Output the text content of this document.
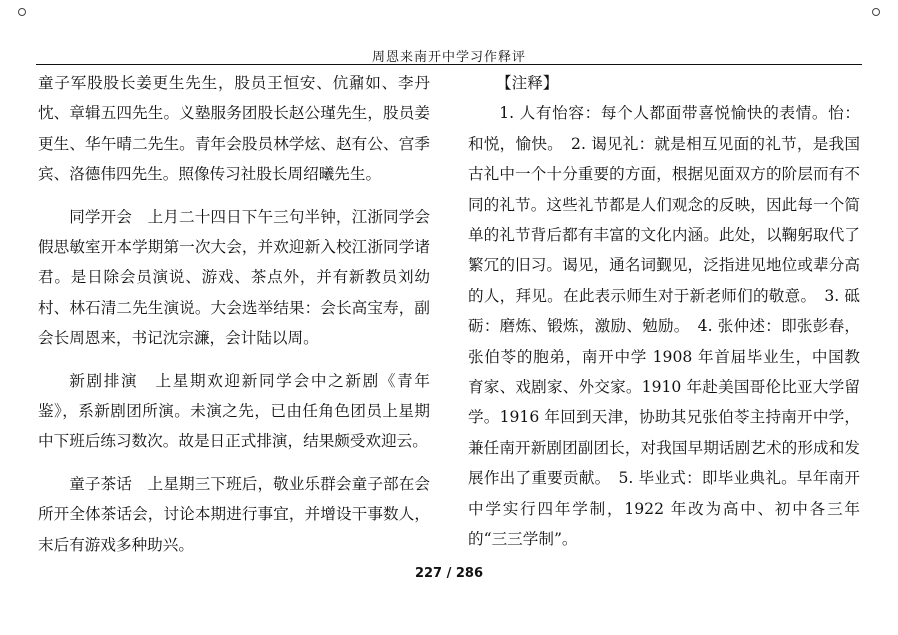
周恩来南开中学习作释评

童子军股股长姜更生先生，股员王恒安、伉鼐如、李丹忱、章辑五四先生。义塾服务团股长赵公瑾先生，股员姜更生、华午晴二先生。青年会股员林学炫、赵有公、宫季宾、洛德伟四先生。照像传习社股长周绍曦先生。

同学开会　上月二十四日下午三句半钟，江浙同学会假思敏室开本学期第一次大会，并欢迎新入校江浙同学诸君。是日除会员演说、游戏、茶点外，并有新教员刘幼村、林石清二先生演说。大会选举结果：会长高宝寿，副会长周恩来，书记沈宗濂，会计陆以周。

新剧排演　上星期欢迎新同学会中之新剧《青年鉴》，系新剧团所演。未演之先，已由任角色团员上星期中下班后练习数次。故是日正式排演，结果颇受欢迎云。

童子茶话　上星期三下班后，敬业乐群会童子部在会所开全体茶话会，讨论本期进行事宜，并增设干事数人，末后有游戏多种助兴。

【注释】

1. 人有怡容：每个人都面带喜悦愉快的表情。怡：和悦，愉快。　2. 谒见礼：就是相互见面的礼节，是我国古礼中一个十分重要的方面，根据见面双方的阶层而有不同的礼节。这些礼节都是人们观念的反映，因此每一个简单的礼节背后都有丰富的文化内涵。此处，以鞠躬取代了繁冗的旧习。谒见，通名词觐见，泛指进见地位或辈分高的人，拜见。在此表示师生对于新老师们的敬意。　3. 砥砺：磨炼、锻炼，激励、勉励。　4. 张仲述：即张彭春，张伯苓的胞弟，南开中学 1908 年首届毕业生，中国教育家、戏剧家、外交家。1910 年赴美国哥伦比亚大学留学。1916 年回到天津，协助其兄张伯苓主持南开中学，兼任南开新剧团副团长，对我国早期话剧艺术的形成和发展作出了重要贡献。　5. 毕业式：即毕业典礼。早年南开中学实行四年学制，1922 年改为高中、初中各三年的“三三学制”。

227 / 286
